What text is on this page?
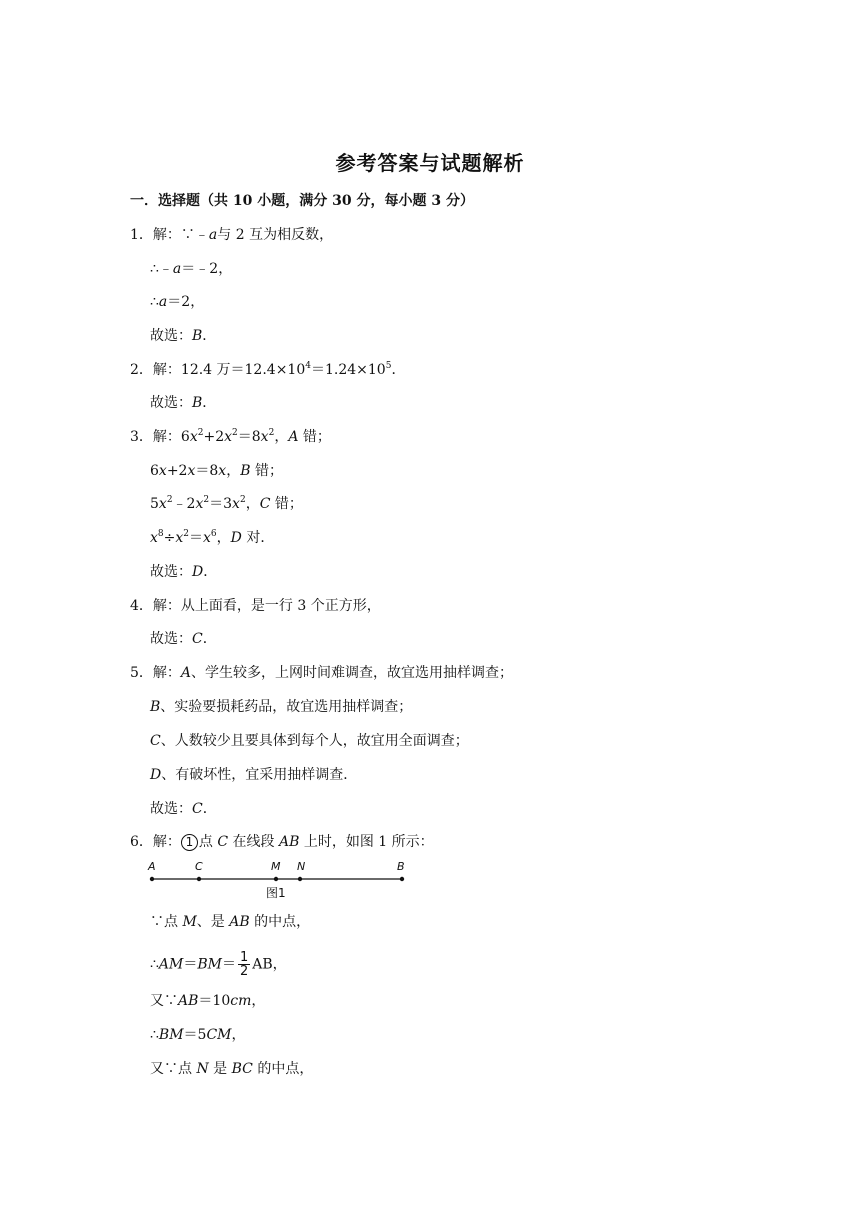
参考答案与试题解析
一．选择题（共 10 小题，满分 30 分，每小题 3 分）
1．解：∵﹣a与 2 互为相反数，
∴﹣a＝﹣2，
∴a＝2，
故选：B．
2．解：12.4 万$=12.4\times 10^4=1.24\times 10^5$．
故选：B．
3．解：$6x^2+2x^2=8x^2$，A 错；
6x+2x＝8x，B 错；
$5x^2﹣2x^2=3x^2$，C 错；
$x^8\div x^2=x^6$，D 对．
故选：D．
4．解：从上面看，是一行 3 个正方形，
故选：C．
5．解：A、学生较多，上网时间难调查，故宜选用抽样调查；
B、实验要损耗药品，故宜选用抽样调查；
C、人数较少且要具体到每个人，故宜用全面调查；
D、有破坏性，宜采用抽样调查．
故选：C．
6．解： 1 点 C 在线段 AB 上时，如图 1 所示：
A	C	M N	B
图1
∵点 M、是 AB 的中点，
∴AM＝BM＝ $\frac{1}{2}$ AB，
又∵AB＝10cm，
∴BM＝5CM，
又∵点 N 是 BC 的中点，
